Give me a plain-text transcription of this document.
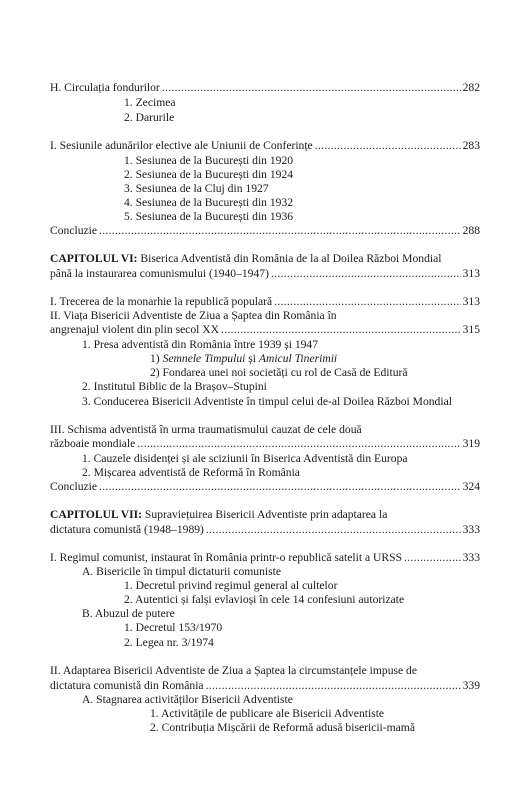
H. Circulația fondurilor .....	282
1. Zecimea
2. Darurile
I. Sesiunile adunărilor elective ale Uniunii de Conferințe .....	283
1. Sesiunea de la București din 1920
2. Sesiunea de la București din 1924
3. Sesiunea de la Cluj din 1927
4. Sesiunea de la București din 1932
5. Sesiunea de la București din 1936
Concluzie .....	288
CAPITOLUL VI: Biserica Adventistă din România de la al Doilea Război Mondial
până la instaurarea comunismului (1940–1947) .....	313
I. Trecerea de la monarhie la republică populară .....	313
II. Viața Bisericii Adventiste de Ziua a Șaptea din România în
angrenajul violent din plin secol XX .....	315
1. Presa adventistă din România între 1939 și 1947
1) Semnele Timpului și Amicul Tinerimii
2) Fondarea unei noi societăți cu rol de Casă de Editură
2. Institutul Biblic de la Brașov–Stupini
3. Conducerea Bisericii Adventiste în timpul celui de-al Doilea Război Mondial
III. Schisma adventistă în urma traumatismului cauzat de cele două
războaie mondiale .....	319
1. Cauzele disidenței și ale sciziunii în Biserica Adventistă din Europa
2. Mișcarea adventistă de Reformă în România
Concluzie .....	324
CAPITOLUL VII: Supraviețuirea Bisericii Adventiste prin adaptarea la
dictatura comunistă (1948–1989) .....	333
I. Regimul comunist, instaurat în România printr-o republică satelit a URSS .....	333
A. Bisericile în timpul dictaturii comuniste
1. Decretul privind regimul general al cultelor
2. Autentici și falși evlavioși în cele 14 confesiuni autorizate
B. Abuzul de putere
1. Decretul 153/1970
2. Legea nr. 3/1974
II. Adaptarea Bisericii Adventiste de Ziua a Șaptea la circumstanțele impuse de
dictatura comunistă din România .....	339
A. Stagnarea activităților Bisericii Adventiste
1. Activitățile de publicare ale Bisericii Adventiste
2. Contribuția Mișcării de Reformă adusă bisericii-mamă
